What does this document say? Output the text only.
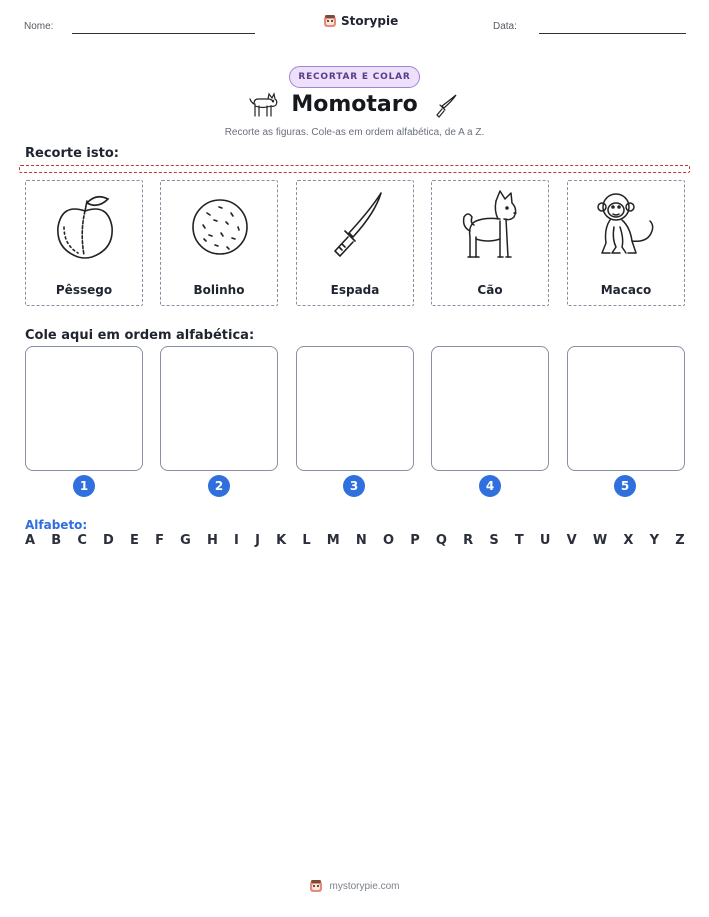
Nome:	Storypie	Data:
RECORTAR E COLAR
Momotaro
Recorte as figuras. Cole-as em ordem alfabética, de A a Z.
Recorte isto:
Pêssego	Bolinho	Espada	Cão	Macaco
Cole aqui em ordem alfabética:
1	2	3	4	5
Alfabeto:
A B C D E F G H I J K L M N O P Q R S T U V W X Y Z
mystorypie.com
